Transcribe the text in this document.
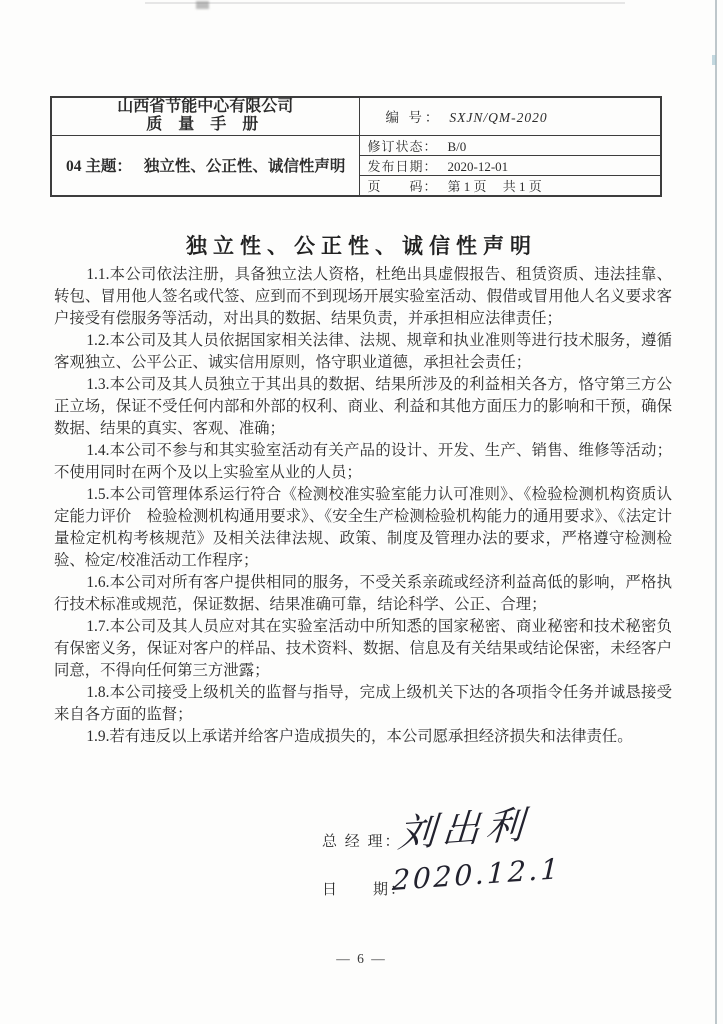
山西省节能中心有限公司
质 量 手 册	编 号： SXJN/QM-2020
04 主题： 独立性、公正性、诚信性声明	修订状态： B/0
	发布日期： 2020-12-01
	页　　码： 第 1 页　 共 1 页
独立性、公正性、诚信性声明

1.1.本公司依法注册，具备独立法人资格，杜绝出具虚假报告、租赁资质、违法挂靠、转包、冒用他人签名或代签、应到而不到现场开展实验室活动、假借或冒用他人名义要求客户接受有偿服务等活动，对出具的数据、结果负责，并承担相应法律责任；

1.2.本公司及其人员依据国家相关法律、法规、规章和执业准则等进行技术服务，遵循客观独立、公平公正、诚实信用原则，恪守职业道德，承担社会责任；

1.3.本公司及其人员独立于其出具的数据、结果所涉及的利益相关各方，恪守第三方公正立场，保证不受任何内部和外部的权利、商业、利益和其他方面压力的影响和干预，确保数据、结果的真实、客观、准确；

1.4.本公司不参与和其实验室活动有关产品的设计、开发、生产、销售、维修等活动；不使用同时在两个及以上实验室从业的人员；

1.5.本公司管理体系运行符合《检测校准实验室能力认可准则》、《检验检测机构资质认定能力评价　检验检测机构通用要求》、《安全生产检测检验机构能力的通用要求》、《法定计量检定机构考核规范》及相关法律法规、政策、制度及管理办法的要求，严格遵守检测检验、检定/校准活动工作程序；

1.6.本公司对所有客户提供相同的服务，不受关系亲疏或经济利益高低的影响，严格执行技术标准或规范，保证数据、结果准确可靠，结论科学、公正、合理；

1.7.本公司及其人员应对其在实验室活动中所知悉的国家秘密、商业秘密和技术秘密负有保密义务，保证对客户的样品、技术资料、数据、信息及有关结果或结论保密，未经客户同意，不得向任何第三方泄露；

1.8.本公司接受上级机关的监督与指导，完成上级机关下达的各项指令任务并诚恳接受来自各方面的监督；

1.9.若有违反以上承诺并给客户造成损失的，本公司愿承担经济损失和法律责任。

总 经 理：
刘出利
日　　期：
2020.12.1
— 6 —
